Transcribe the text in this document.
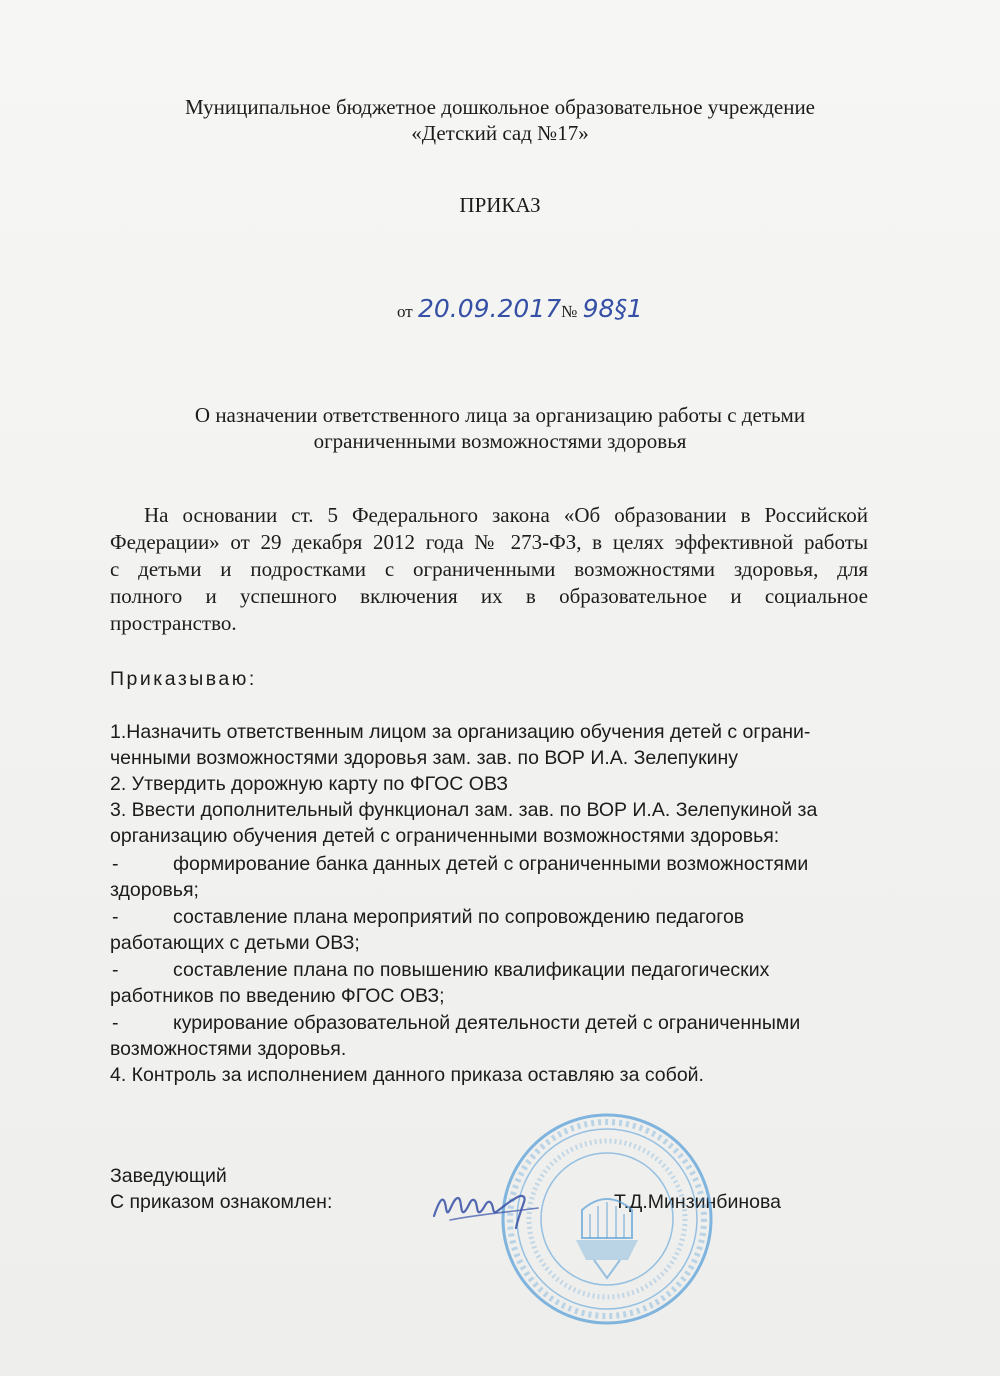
Муниципальное бюджетное дошкольное образовательное учреждение
«Детский сад №17»
ПРИКАЗ
от 20.09.2017№ 98§1
О назначении ответственного лица за организацию работы с детьми
ограниченными возможностями здоровья
На основании ст. 5 Федерального закона «Об образовании в Российской
Федерации» от 29 декабря 2012 года № 273-ФЗ, в целях эффективной работы
с детьми и подростками с ограниченными возможностями здоровья, для
полного и успешного включения их в образовательное и социальное
пространство.
Приказываю:
1.Назначить ответственным лицом за организацию обучения детей с ограни-
ченными возможностями здоровья зам. зав. по ВОР И.А. Зелепукину
2. Утвердить дорожную карту по ФГОС ОВЗ
3. Ввести дополнительный функционал зам. зав. по ВОР И.А. Зелепукиной за
организацию обучения детей с ограниченными возможностями здоровья:
-	формирование банка данных детей с ограниченными возможностями
здоровья;
-	составление плана мероприятий по сопровождению педагогов
работающих с детьми ОВЗ;
-	составление плана по повышению квалификации педагогических
работников по введению ФГОС ОВЗ;
-	курирование образовательной деятельности детей с ограниченными
возможностями здоровья.
4. Контроль за исполнением данного приказа оставляю за собой.
Заведующий
С приказом ознакомлен:	Т.Д.Минзинбинова
